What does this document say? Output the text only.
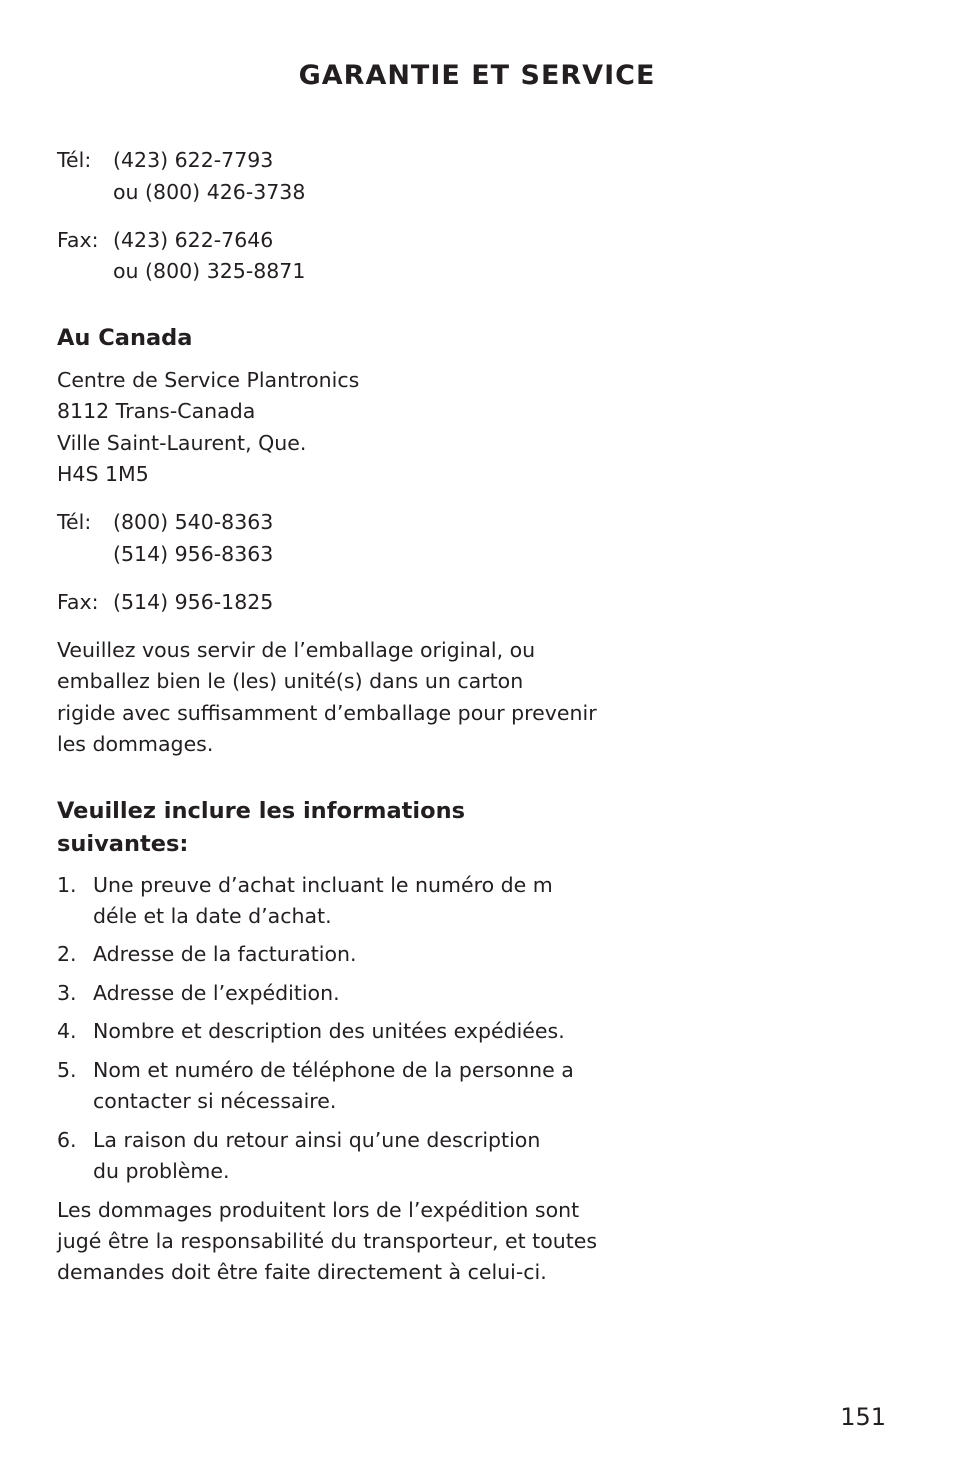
GARANTIE ET SERVICE
Tél: (423) 622-7793
ou (800) 426-3738
Fax: (423) 622-7646
ou (800) 325-8871
Au Canada
Centre de Service Plantronics
8112 Trans-Canada
Ville Saint-Laurent, Que.
H4S 1M5
Tél: (800) 540-8363
(514) 956-8363
Fax: (514) 956-1825
Veuillez vous servir de l’emballage original, ou
emballez bien le (les) unité(s) dans un carton
rigide avec suffisamment d’emballage pour prevenir
les dommages.
Veuillez inclure les informations
suivantes:
1. Une preuve d’achat incluant le numéro de m
déle et la date d’achat.
2. Adresse de la facturation.
3. Adresse de l’expédition.
4. Nombre et description des unitées expédiées.
5. Nom et numéro de téléphone de la personne a
contacter si nécessaire.
6. La raison du retour ainsi qu’une description
du problème.
Les dommages produitent lors de l’expédition sont
jugé être la responsabilité du transporteur, et toutes
demandes doit être faite directement à celui-ci.
151
